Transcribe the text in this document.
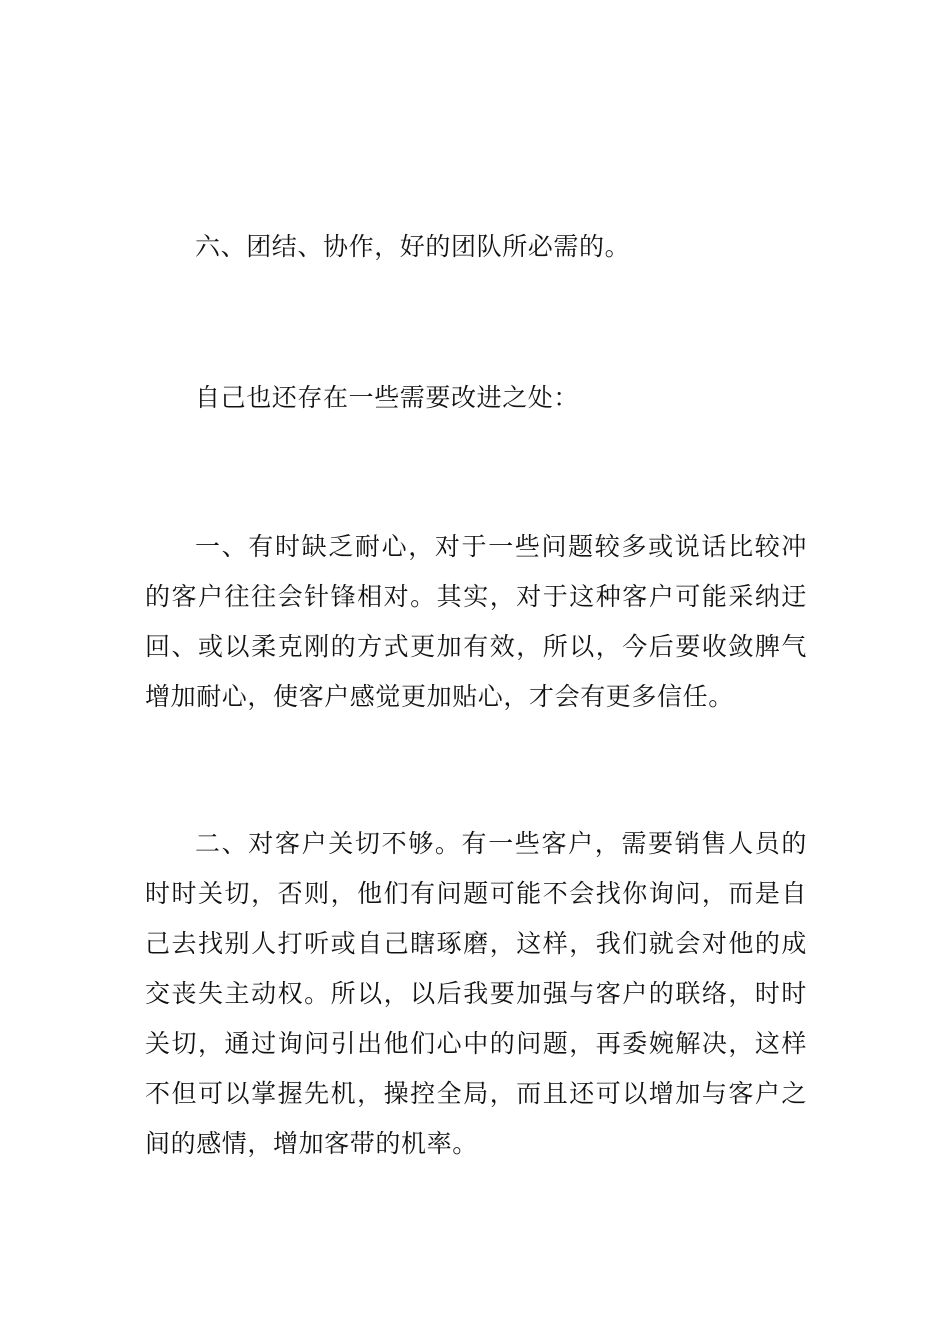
六、团结、协作，好的团队所必需的。

自己也还存在一些需要改进之处：

一、有时缺乏耐心，对于一些问题较多或说话比较冲的客户往往会针锋相对。其实，对于这种客户可能采纳迂回、或以柔克刚的方式更加有效，所以，今后要收敛脾气增加耐心，使客户感觉更加贴心，才会有更多信任。

二、对客户关切不够。有一些客户，需要销售人员的时时关切，否则，他们有问题可能不会找你询问，而是自己去找别人打听或自己瞎琢磨，这样，我们就会对他的成交丧失主动权。所以，以后我要加强与客户的联络，时时关切，通过询问引出他们心中的问题，再委婉解决，这样不但可以掌握先机，操控全局，而且还可以增加与客户之间的感情，增加客带的机率。
